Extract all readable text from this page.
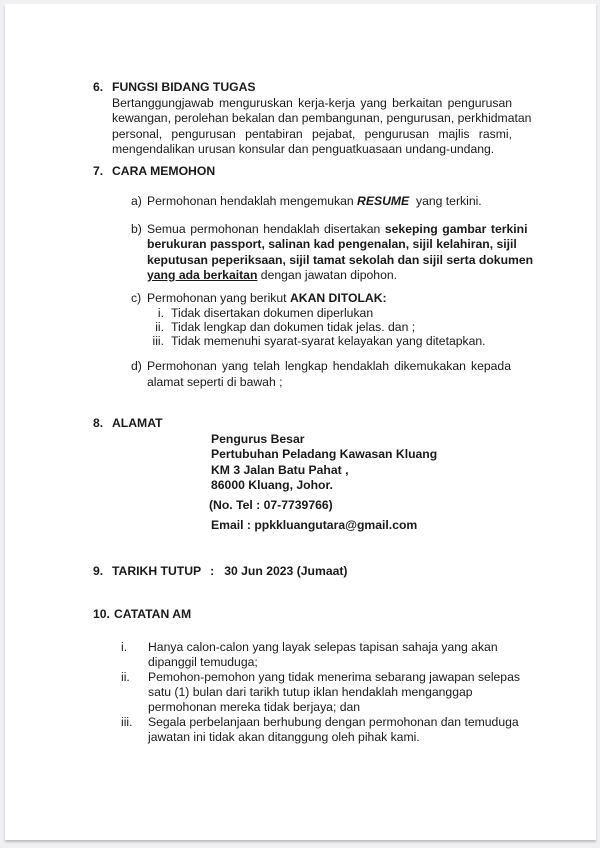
6. FUNGSI BIDANG TUGAS
Bertanggungjawab menguruskan kerja-kerja yang berkaitan pengurusan
kewangan, perolehan bekalan dan pembangunan, pengurusan, perkhidmatan
personal, pengurusan pentabiran pejabat, pengurusan majlis rasmi,
mengendalikan urusan konsular dan penguatkuasaan undang-undang.
7. CARA MEMOHON
a) Permohonan hendaklah mengemukan RESUME  yang terkini.
b) Semua permohonan hendaklah disertakan sekeping gambar terkini
berukuran passport, salinan kad pengenalan, sijil kelahiran, sijil
keputusan peperiksaan, sijil tamat sekolah dan sijil serta dokumen
yang ada berkaitan dengan jawatan dipohon.
c) Permohonan yang berikut AKAN DITOLAK:
i. Tidak disertakan dokumen diperlukan
ii. Tidak lengkap dan dokumen tidak jelas. dan ;
iii. Tidak memenuhi syarat-syarat kelayakan yang ditetapkan.
d) Permohonan yang telah lengkap hendaklah dikemukakan kepada
alamat seperti di bawah ;
8. ALAMAT
Pengurus Besar
Pertubuhan Peladang Kawasan Kluang
KM 3 Jalan Batu Pahat ,
86000 Kluang, Johor.
(No. Tel : 07-7739766)
Email : ppkkluangutara@gmail.com
9. TARIKH TUTUP : 30 Jun 2023 (Jumaat)
10. CATATAN AM
i.	Hanya calon-calon yang layak selepas tapisan sahaja yang akan
dipanggil temuduga;
ii.	Pemohon-pemohon yang tidak menerima sebarang jawapan selepas
satu (1) bulan dari tarikh tutup iklan hendaklah menganggap
permohonan mereka tidak berjaya; dan
iii.	Segala perbelanjaan berhubung dengan permohonan dan temuduga
jawatan ini tidak akan ditanggung oleh pihak kami.
